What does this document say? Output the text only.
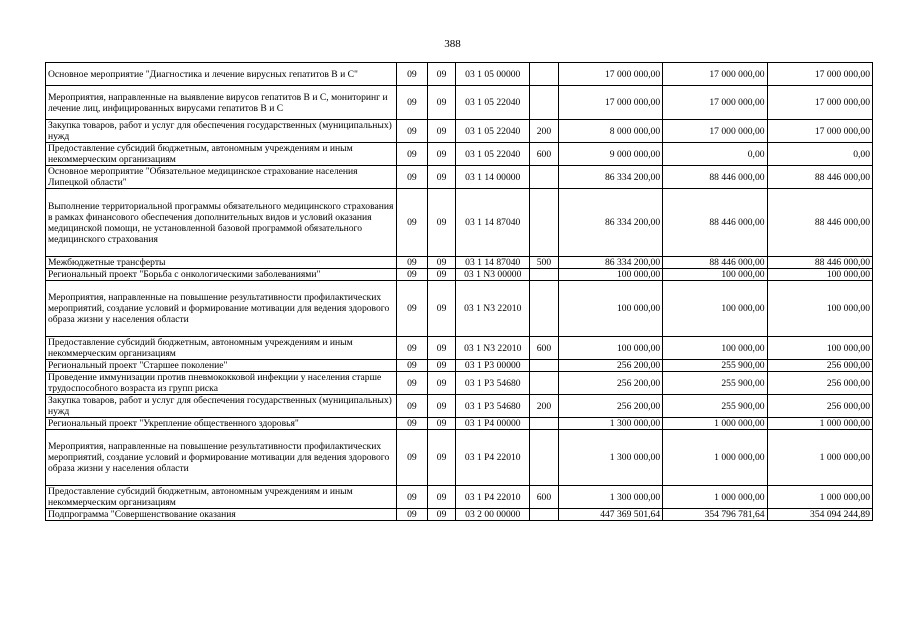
388
Основное мероприятие "Диагностика и лечение вирусных гепатитов В и С"	09	09	03 1 05 00000		17 000 000,00	17 000 000,00	17 000 000,00
Мероприятия, направленные на выявление вирусов гепатитов В и С, мониторинг и лечение лиц, инфицированных вирусами гепатитов В и С	09	09	03 1 05 22040		17 000 000,00	17 000 000,00	17 000 000,00
Закупка товаров, работ и услуг для обеспечения государственных (муниципальных) нужд	09	09	03 1 05 22040	200	8 000 000,00	17 000 000,00	17 000 000,00
Предоставление субсидий бюджетным, автономным учреждениям и иным некоммерческим организациям	09	09	03 1 05 22040	600	9 000 000,00	0,00	0,00
Основное мероприятие "Обязательное медицинское страхование населения Липецкой области"	09	09	03 1 14 00000		86 334 200,00	88 446 000,00	88 446 000,00
Выполнение территориальной программы обязательного медицинского страхования в рамках финансового обеспечения дополнительных видов и условий оказания медицинской помощи, не установленной базовой программой обязательного медицинского страхования	09	09	03 1 14 87040		86 334 200,00	88 446 000,00	88 446 000,00
Межбюджетные трансферты	09	09	03 1 14 87040	500	86 334 200,00	88 446 000,00	88 446 000,00
Региональный проект "Борьба с онкологическими заболеваниями"	09	09	03 1 N3 00000		100 000,00	100 000,00	100 000,00
Мероприятия, направленные на повышение результативности профилактических мероприятий, создание условий и формирование мотивации для ведения здорового образа жизни у населения области	09	09	03 1 N3 22010		100 000,00	100 000,00	100 000,00
Предоставление субсидий бюджетным, автономным учреждениям и иным некоммерческим организациям	09	09	03 1 N3 22010	600	100 000,00	100 000,00	100 000,00
Региональный проект "Старшее поколение"	09	09	03 1 P3 00000		256 200,00	255 900,00	256 000,00
Проведение иммунизации против пневмококковой инфекции у населения старше трудоспособного возраста из групп риска	09	09	03 1 P3 54680		256 200,00	255 900,00	256 000,00
Закупка товаров, работ и услуг для обеспечения государственных (муниципальных) нужд	09	09	03 1 P3 54680	200	256 200,00	255 900,00	256 000,00
Региональный проект "Укрепление общественного здоровья"	09	09	03 1 P4 00000		1 300 000,00	1 000 000,00	1 000 000,00
Мероприятия, направленные на повышение результативности профилактических мероприятий, создание условий и формирование мотивации для ведения здорового образа жизни у населения области	09	09	03 1 P4 22010		1 300 000,00	1 000 000,00	1 000 000,00
Предоставление субсидий бюджетным, автономным учреждениям и иным некоммерческим организациям	09	09	03 1 P4 22010	600	1 300 000,00	1 000 000,00	1 000 000,00
Подпрограмма "Совершенствование оказания	09	09	03 2 00 00000		447 369 501,64	354 796 781,64	354 094 244,89
